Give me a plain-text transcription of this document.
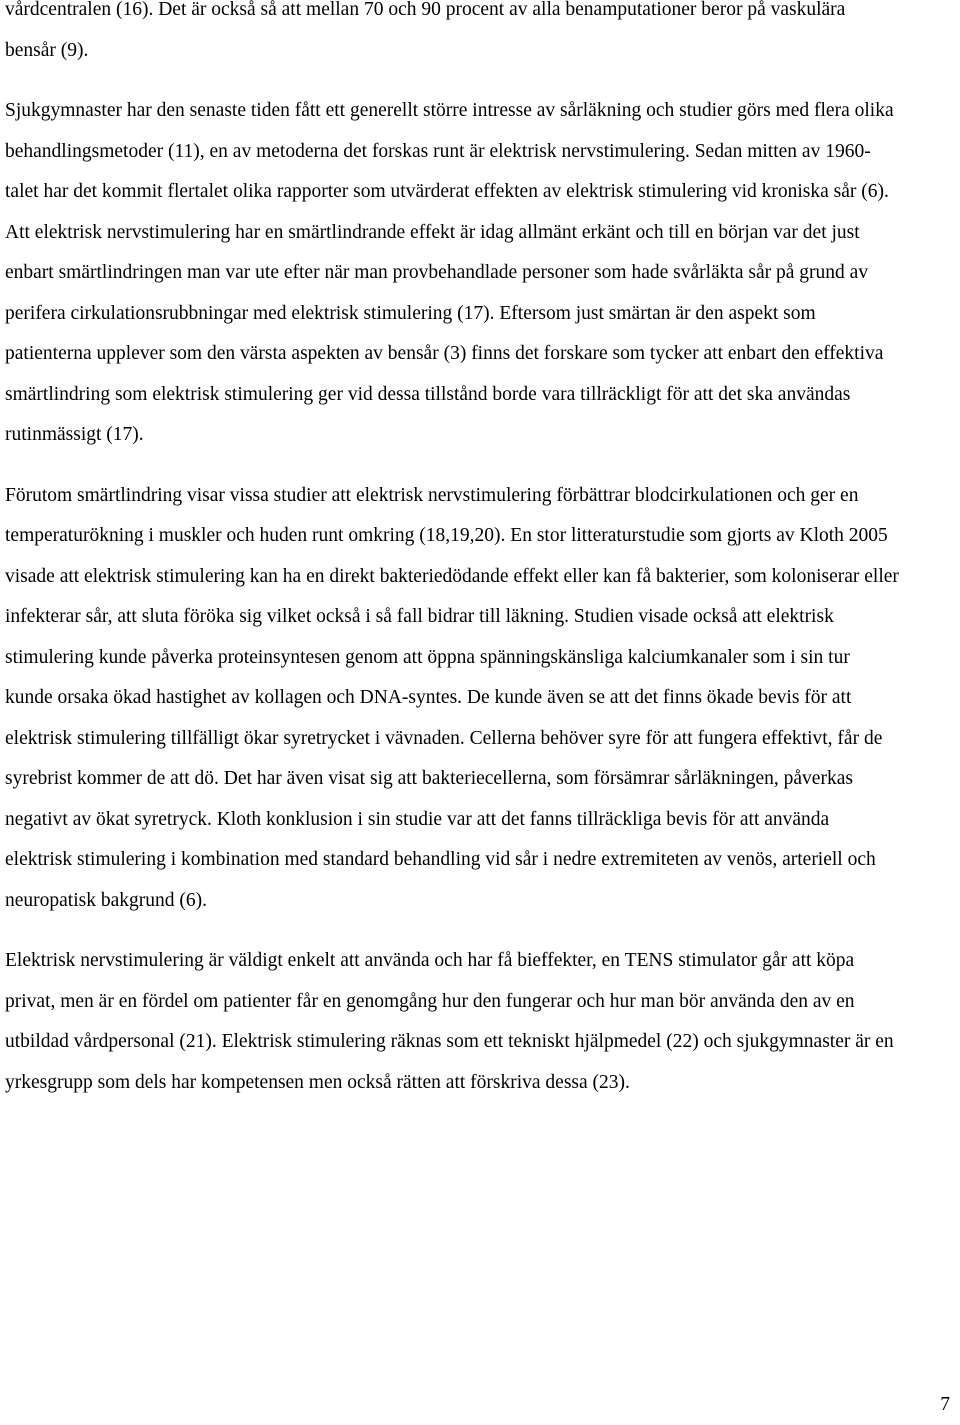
vårdcentralen (16). Det är också så att mellan 70 och 90 procent av alla benamputationer beror på vaskulära bensår (9).

Sjukgymnaster har den senaste tiden fått ett generellt större intresse av sårläkning och studier görs med flera olika behandlingsmetoder (11), en av metoderna det forskas runt är elektrisk nervstimulering. Sedan mitten av 1960-talet har det kommit flertalet olika rapporter som utvärderat effekten av elektrisk stimulering vid kroniska sår (6). Att elektrisk nervstimulering har en smärtlindrande effekt är idag allmänt erkänt och till en början var det just enbart smärtlindringen man var ute efter när man provbehandlade personer som hade svårläkta sår på grund av perifera cirkulationsrubbningar med elektrisk stimulering (17). Eftersom just smärtan är den aspekt som patienterna upplever som den värsta aspekten av bensår (3) finns det forskare som tycker att enbart den effektiva smärtlindring som elektrisk stimulering ger vid dessa tillstånd borde vara tillräckligt för att det ska användas rutinmässigt (17).

Förutom smärtlindring visar vissa studier att elektrisk nervstimulering förbättrar blodcirkulationen och ger en temperaturökning i muskler och huden runt omkring (18,19,20). En stor litteraturstudie som gjorts av Kloth 2005 visade att elektrisk stimulering kan ha en direkt bakteriedödande effekt eller kan få bakterier, som koloniserar eller infekterar sår, att sluta föröka sig vilket också i så fall bidrar till läkning. Studien visade också att elektrisk stimulering kunde påverka proteinsyntesen genom att öppna spänningskänsliga kalciumkanaler som i sin tur kunde orsaka ökad hastighet av kollagen och DNA-syntes. De kunde även se att det finns ökade bevis för att elektrisk stimulering tillfälligt ökar syretrycket i vävnaden. Cellerna behöver syre för att fungera effektivt, får de syrebrist kommer de att dö. Det har även visat sig att bakteriecellerna, som försämrar sårläkningen, påverkas negativt av ökat syretryck. Kloth konklusion i sin studie var att det fanns tillräckliga bevis för att använda elektrisk stimulering i kombination med standard behandling vid sår i nedre extremiteten av venös, arteriell och neuropatisk bakgrund (6).

Elektrisk nervstimulering är väldigt enkelt att använda och har få bieffekter, en TENS stimulator går att köpa privat, men är en fördel om patienter får en genomgång hur den fungerar och hur man bör använda den av en utbildad vårdpersonal (21). Elektrisk stimulering räknas som ett tekniskt hjälpmedel (22) och sjukgymnaster är en yrkesgrupp som dels har kompetensen men också rätten att förskriva dessa (23).

7
